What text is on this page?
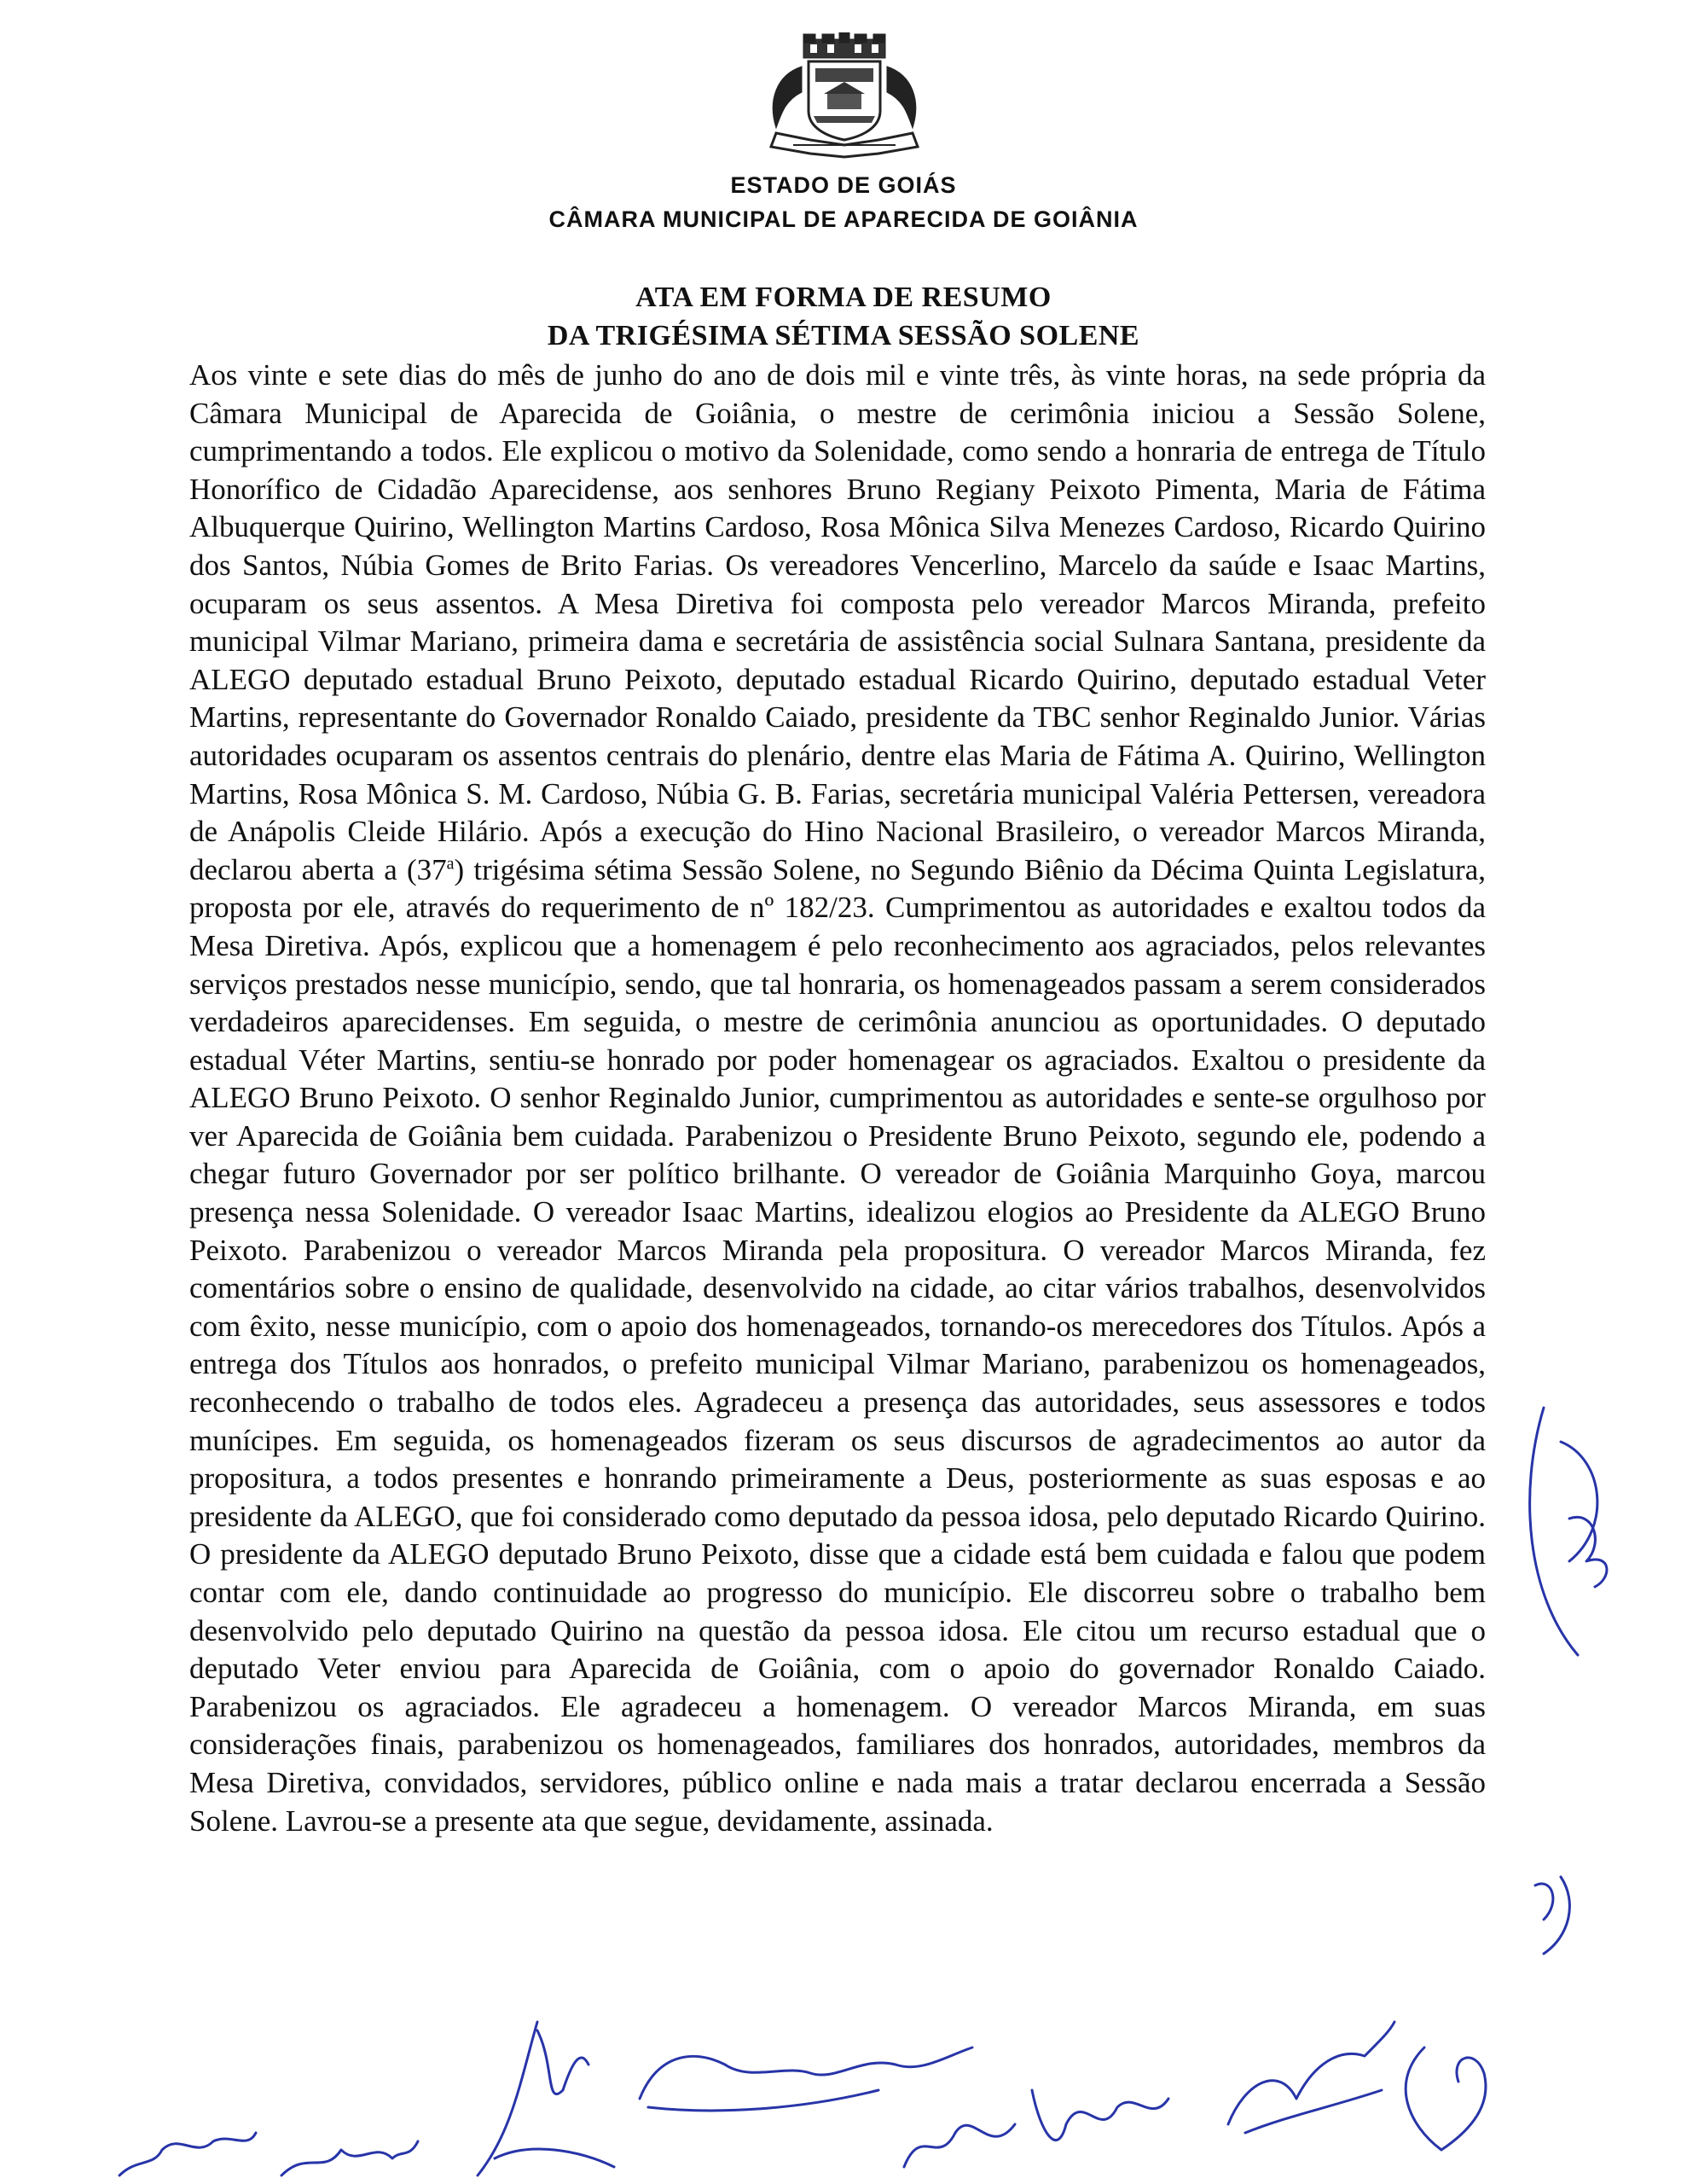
ESTADO DE GOIÁS
CÂMARA MUNICIPAL DE APARECIDA DE GOIÂNIA
ATA EM FORMA DE RESUMO
DA TRIGÉSIMA SÉTIMA SESSÃO SOLENE

Aos vinte e sete dias do mês de junho do ano de dois mil e vinte três, às vinte horas, na sede própria da Câmara Municipal de Aparecida de Goiânia, o mestre de cerimônia iniciou a Sessão Solene, cumprimentando a todos. Ele explicou o motivo da Solenidade, como sendo a honraria de entrega de Título Honorífico de Cidadão Aparecidense, aos senhores Bruno Regiany Peixoto Pimenta, Maria de Fátima Albuquerque Quirino, Wellington Martins Cardoso, Rosa Mônica Silva Menezes Cardoso, Ricardo Quirino dos Santos, Núbia Gomes de Brito Farias. Os vereadores Vencerlino, Marcelo da saúde e Isaac Martins, ocuparam os seus assentos. A Mesa Diretiva foi composta pelo vereador Marcos Miranda, prefeito municipal Vilmar Mariano, primeira dama e secretária de assistência social Sulnara Santana, presidente da ALEGO deputado estadual Bruno Peixoto, deputado estadual Ricardo Quirino, deputado estadual Veter Martins, representante do Governador Ronaldo Caiado, presidente da TBC senhor Reginaldo Junior. Várias autoridades ocuparam os assentos centrais do plenário, dentre elas Maria de Fátima A. Quirino, Wellington Martins, Rosa Mônica S. M. Cardoso, Núbia G. B. Farias, secretária municipal Valéria Pettersen, vereadora de Anápolis Cleide Hilário. Após a execução do Hino Nacional Brasileiro, o vereador Marcos Miranda, declarou aberta a (37$^a$) trigésima sétima Sessão Solene, no Segundo Biênio da Décima Quinta Legislatura, proposta por ele, através do requerimento de nº 182/23. Cumprimentou as autoridades e exaltou todos da Mesa Diretiva. Após, explicou que a homenagem é pelo reconhecimento aos agraciados, pelos relevantes serviços prestados nesse município, sendo, que tal honraria, os homenageados passam a serem considerados verdadeiros aparecidenses. Em seguida, o mestre de cerimônia anunciou as oportunidades. O deputado estadual Véter Martins, sentiu-se honrado por poder homenagear os agraciados. Exaltou o presidente da ALEGO Bruno Peixoto. O senhor Reginaldo Junior, cumprimentou as autoridades e sente-se orgulhoso por ver Aparecida de Goiânia bem cuidada. Parabenizou o Presidente Bruno Peixoto, segundo ele, podendo a chegar futuro Governador por ser político brilhante. O vereador de Goiânia Marquinho Goya, marcou presença nessa Solenidade. O vereador Isaac Martins, idealizou elogios ao Presidente da ALEGO Bruno Peixoto. Parabenizou o vereador Marcos Miranda pela propositura. O vereador Marcos Miranda, fez comentários sobre o ensino de qualidade, desenvolvido na cidade, ao citar vários trabalhos, desenvolvidos com êxito, nesse município, com o apoio dos homenageados, tornando-os merecedores dos Títulos. Após a entrega dos Títulos aos honrados, o prefeito municipal Vilmar Mariano, parabenizou os homenageados, reconhecendo o trabalho de todos eles. Agradeceu a presença das autoridades, seus assessores e todos munícipes. Em seguida, os homenageados fizeram os seus discursos de agradecimentos ao autor da propositura, a todos presentes e honrando primeiramente a Deus, posteriormente as suas esposas e ao presidente da ALEGO, que foi considerado como deputado da pessoa idosa, pelo deputado Ricardo Quirino. O presidente da ALEGO deputado Bruno Peixoto, disse que a cidade está bem cuidada e falou que podem contar com ele, dando continuidade ao progresso do município. Ele discorreu sobre o trabalho bem desenvolvido pelo deputado Quirino na questão da pessoa idosa. Ele citou um recurso estadual que o deputado Veter enviou para Aparecida de Goiânia, com o apoio do governador Ronaldo Caiado. Parabenizou os agraciados. Ele agradeceu a homenagem. O vereador Marcos Miranda, em suas considerações finais, parabenizou os homenageados, familiares dos honrados, autoridades, membros da Mesa Diretiva, convidados, servidores, público online e nada mais a tratar declarou encerrada a Sessão Solene. Lavrou-se a presente ata que segue, devidamente, assinada.
